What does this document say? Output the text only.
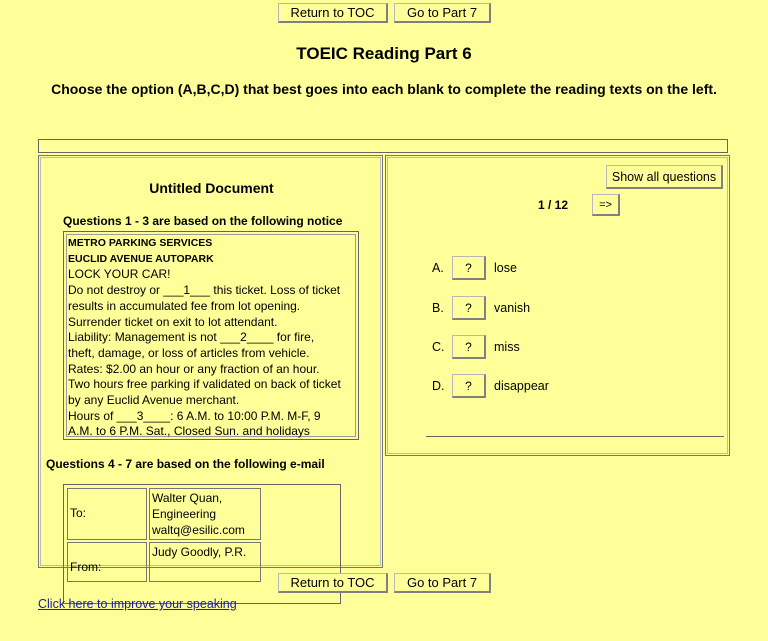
Return to TOC	Go to Part 7
TOEIC Reading Part 6
Choose the option (A,B,C,D) that best goes into each blank to complete the reading texts on the left.
Untitled Document
Questions 1 - 3 are based on the following notice
METRO PARKING SERVICES
EUCLID AVENUE AUTOPARK
LOCK YOUR CAR!
Do not destroy or ___1___ this ticket. Loss of ticket
results in accumulated fee from lot opening.
Surrender ticket on exit to lot attendant.
Liability: Management is not ___2____ for fire,
theft, damage, or loss of articles from vehicle.
Rates: $2.00 an hour or any fraction of an hour.
Two hours free parking if validated on back of ticket
by any Euclid Avenue merchant.
Hours of ___3____: 6 A.M. to 10:00 P.M. M-F, 9
A.M. to 6 P.M. Sat., Closed Sun. and holidays
Questions 4 - 7 are based on the following e-mail
To:
Walter Quan, Engineering waltq@esilic.com
From:
Judy Goodly, P.R.
Show all questions
1 / 12	=>
A.	?	lose
B.	?	vanish
C.	?	miss
D.	?	disappear
Return to TOC	Go to Part 7
Click here to improve your speaking
